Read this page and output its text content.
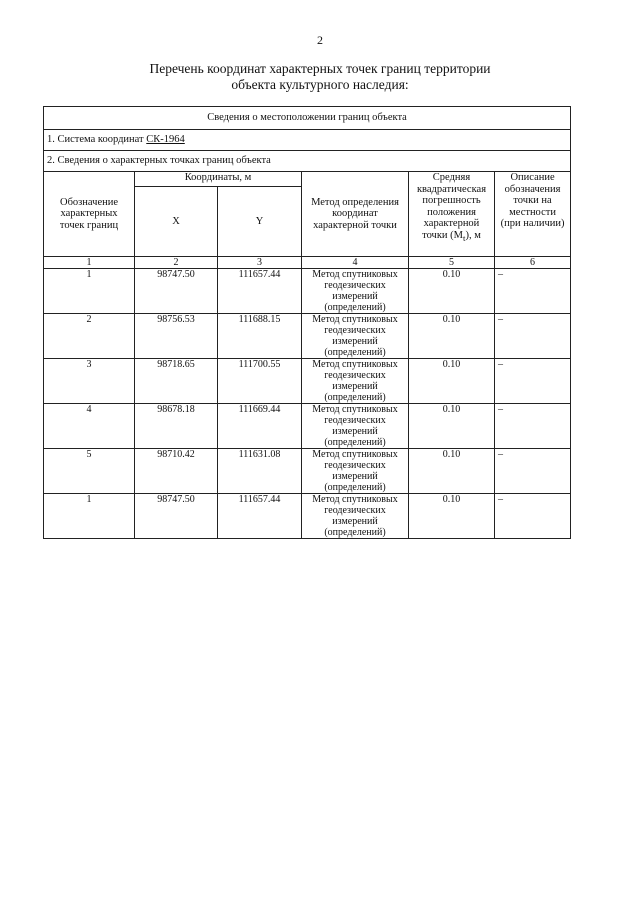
2
Перечень координат характерных точек границ территории
объекта культурного наследия:
Сведения о местоположении границ объекта					
1. Система координат СК-1964					
2. Сведения о характерных точках границ объекта					
Обозначение характерных точек границ	Координаты, м		Метод определения координат характерной точки	Средняя квадратическая погрешность положения характерной точки $(M_t)$, м	Описание обозначения точки на местности (при наличии)
	X	Y			
1	2	3	4	5	6
1	98747.50	111657.44	Метод спутниковых геодезических измерений (определений)	0.10	–
2	98756.53	111688.15	Метод спутниковых геодезических измерений (определений)	0.10	–
3	98718.65	111700.55	Метод спутниковых геодезических измерений (определений)	0.10	–
4	98678.18	111669.44	Метод спутниковых геодезических измерений (определений)	0.10	–
5	98710.42	111631.08	Метод спутниковых геодезических измерений (определений)	0.10	–
1	98747.50	111657.44	Метод спутниковых геодезических измерений (определений)	0.10	–
